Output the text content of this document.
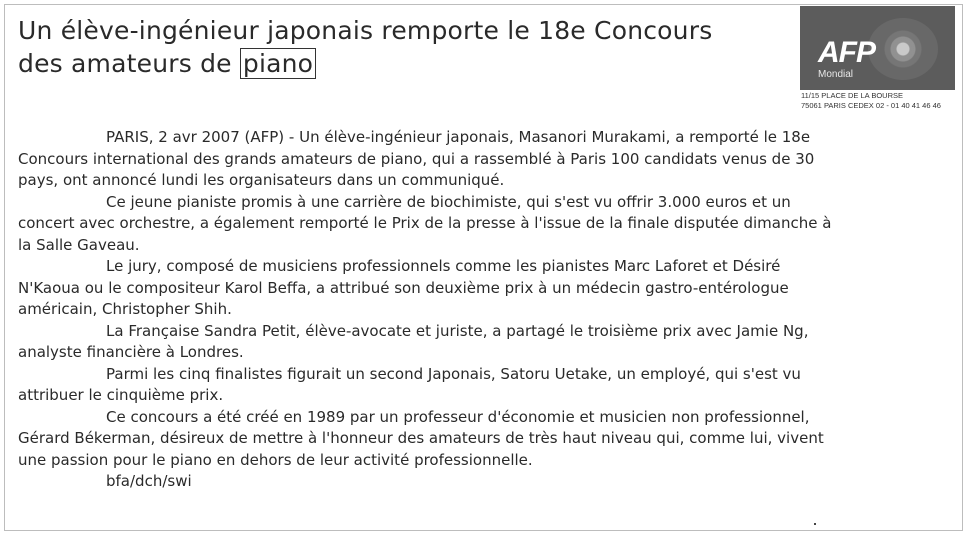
Un élève-ingénieur japonais remporte le 18e Concours
des amateurs de piano	AFP
Mondial
11/15 PLACE DE LA BOURSE
75061 PARIS CEDEX 02 - 01 40 41 46 46

PARIS, 2 avr 2007 (AFP) - Un élève-ingénieur japonais, Masanori Murakami, a remporté le 18e Concours international des grands amateurs de piano, qui a rassemblé à Paris 100 candidats venus de 30 pays, ont annoncé lundi les organisateurs dans un communiqué.

Ce jeune pianiste promis à une carrière de biochimiste, qui s'est vu offrir 3.000 euros et un concert avec orchestre, a également remporté le Prix de la presse à l'issue de la finale disputée dimanche à la Salle Gaveau.

Le jury, composé de musiciens professionnels comme les pianistes Marc Laforet et Désiré N'Kaoua ou le compositeur Karol Beffa, a attribué son deuxième prix à un médecin gastro-entérologue américain, Christopher Shih.

La Française Sandra Petit, élève-avocate et juriste, a partagé le troisième prix avec Jamie Ng, analyste financière à Londres.

Parmi les cinq finalistes figurait un second Japonais, Satoru Uetake, un employé, qui s'est vu attribuer le cinquième prix.

Ce concours a été créé en 1989 par un professeur d'économie et musicien non professionnel, Gérard Békerman, désireux de mettre à l'honneur des amateurs de très haut niveau qui, comme lui, vivent une passion pour le piano en dehors de leur activité professionnelle.

bfa/dch/swi
